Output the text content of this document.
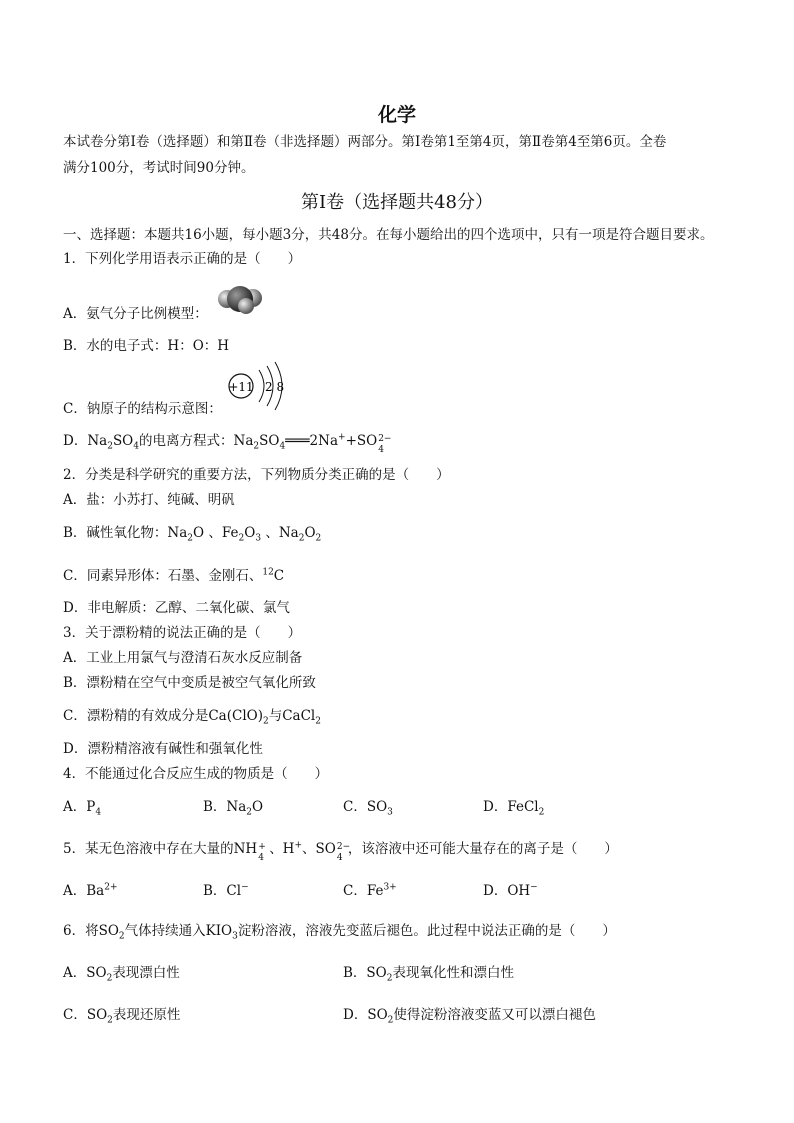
化学
本试卷分第Ⅰ卷（选择题）和第Ⅱ卷（非选择题）两部分。第Ⅰ卷第1至第4页，第Ⅱ卷第4至第6页。全卷
满分100分，考试时间90分钟。
第Ⅰ卷（选择题共48分）
一、选择题：本题共16小题，每小题3分，共48分。在每小题给出的四个选项中，只有一项是符合题目要求。
1．下列化学用语表示正确的是（　　）
A．氨气分子比例模型：
B．水的电子式：H：O：H
+11 2 8
C．钠原子的结构示意图：
D．$Na_2SO_4$的电离方程式：$Na_2SO_4═══2Na^++SO$ 2−
4
2．分类是科学研究的重要方法，下列物质分类正确的是（　　）
A．盐：小苏打、纯碱、明矾
B．碱性氧化物：$Na_2O$ 、$Fe_2O_3$ 、$Na_2O_2$
C．同素异形体：石墨、金刚石、$^{12}$C
D．非电解质：乙醇、二氧化碳、氯气
3．关于漂粉精的说法正确的是（　　）
A．工业上用氯气与澄清石灰水反应制备
B．漂粉精在空气中变质是被空气氧化所致
C．漂粉精的有效成分是$Ca(ClO)_2$与CaCl$_2$
D．漂粉精溶液有碱性和强氧化性
4．不能通过化合反应生成的物质是（　　）
A．$P_4$	B．$Na_2O$	C．$SO_3$	D．FeCl$_2$
5．某无色溶液中存在大量的NH +
4
、H+、SO 2−
4
，该溶液中还可能大量存在的离子是（　　）
A．$Ba^{2+}$	B．Cl−	C．$Fe^{3+}$	D．OH−
6．将$SO_2$气体持续通入$KIO_3$淀粉溶液，溶液先变蓝后褪色。此过程中说法正确的是（　　）
A．$SO_2$表现漂白性	B．$SO_2$表现氧化性和漂白性
C．$SO_2$表现还原性	D．$SO_2$使得淀粉溶液变蓝又可以漂白褪色
